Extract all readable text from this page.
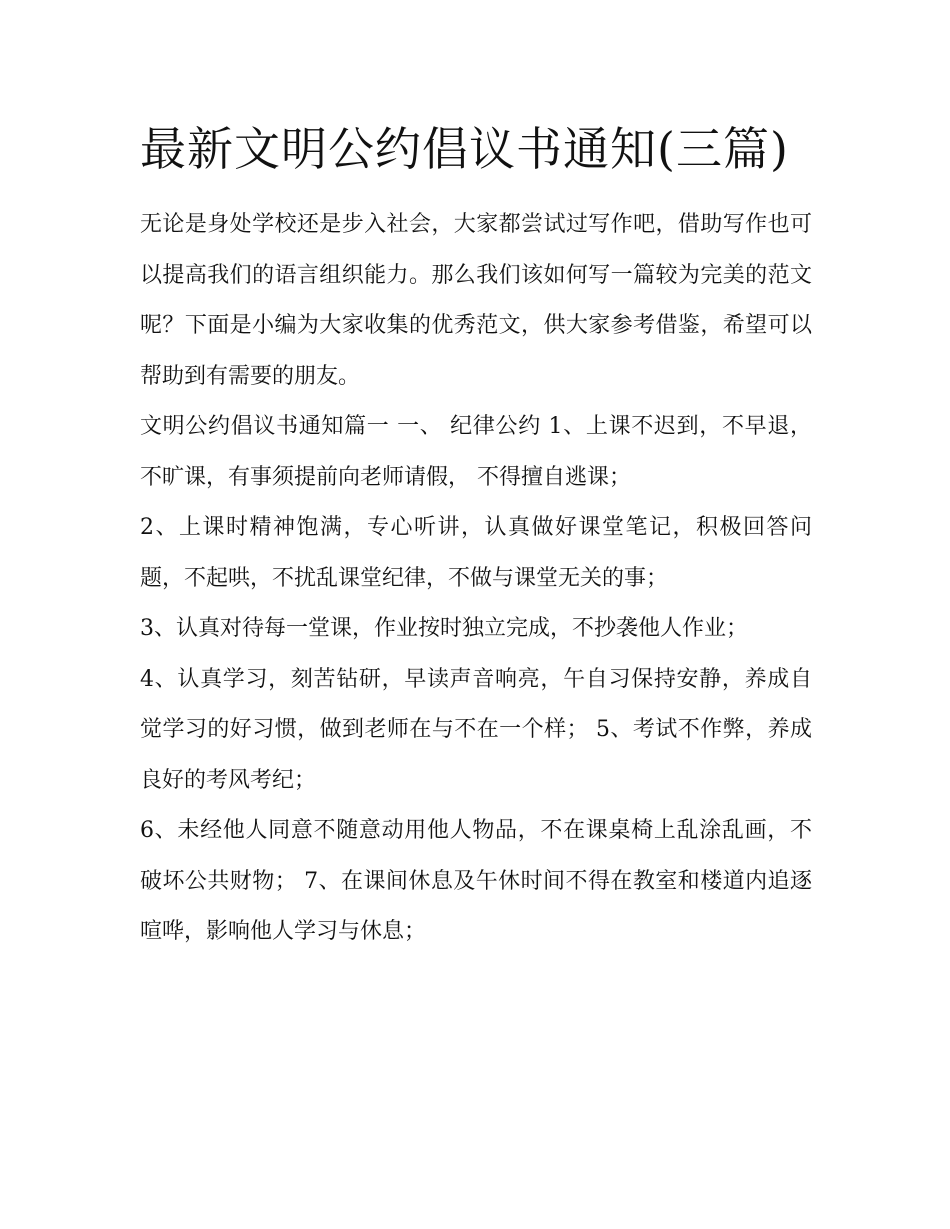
最新文明公约倡议书通知(三篇)

无论是身处学校还是步入社会，大家都尝试过写作吧，借助写作也可以提高我们的语言组织能力。那么我们该如何写一篇较为完美的范文呢？下面是小编为大家收集的优秀范文，供大家参考借鉴，希望可以帮助到有需要的朋友。

文明公约倡议书通知篇一 一、 纪律公约 1、上课不迟到，不早退，不旷课，有事须提前向老师请假， 不得擅自逃课；

2、上课时精神饱满，专心听讲，认真做好课堂笔记，积极回答问题，不起哄，不扰乱课堂纪律，不做与课堂无关的事；

3、认真对待每一堂课，作业按时独立完成，不抄袭他人作业；

4、认真学习，刻苦钻研，早读声音响亮，午自习保持安静，养成自觉学习的好习惯，做到老师在与不在一个样； 5、考试不作弊，养成良好的考风考纪；

6、未经他人同意不随意动用他人物品，不在课桌椅上乱涂乱画，不破坏公共财物； 7、在课间休息及午休时间不得在教室和楼道内追逐喧哗，影响他人学习与休息；
